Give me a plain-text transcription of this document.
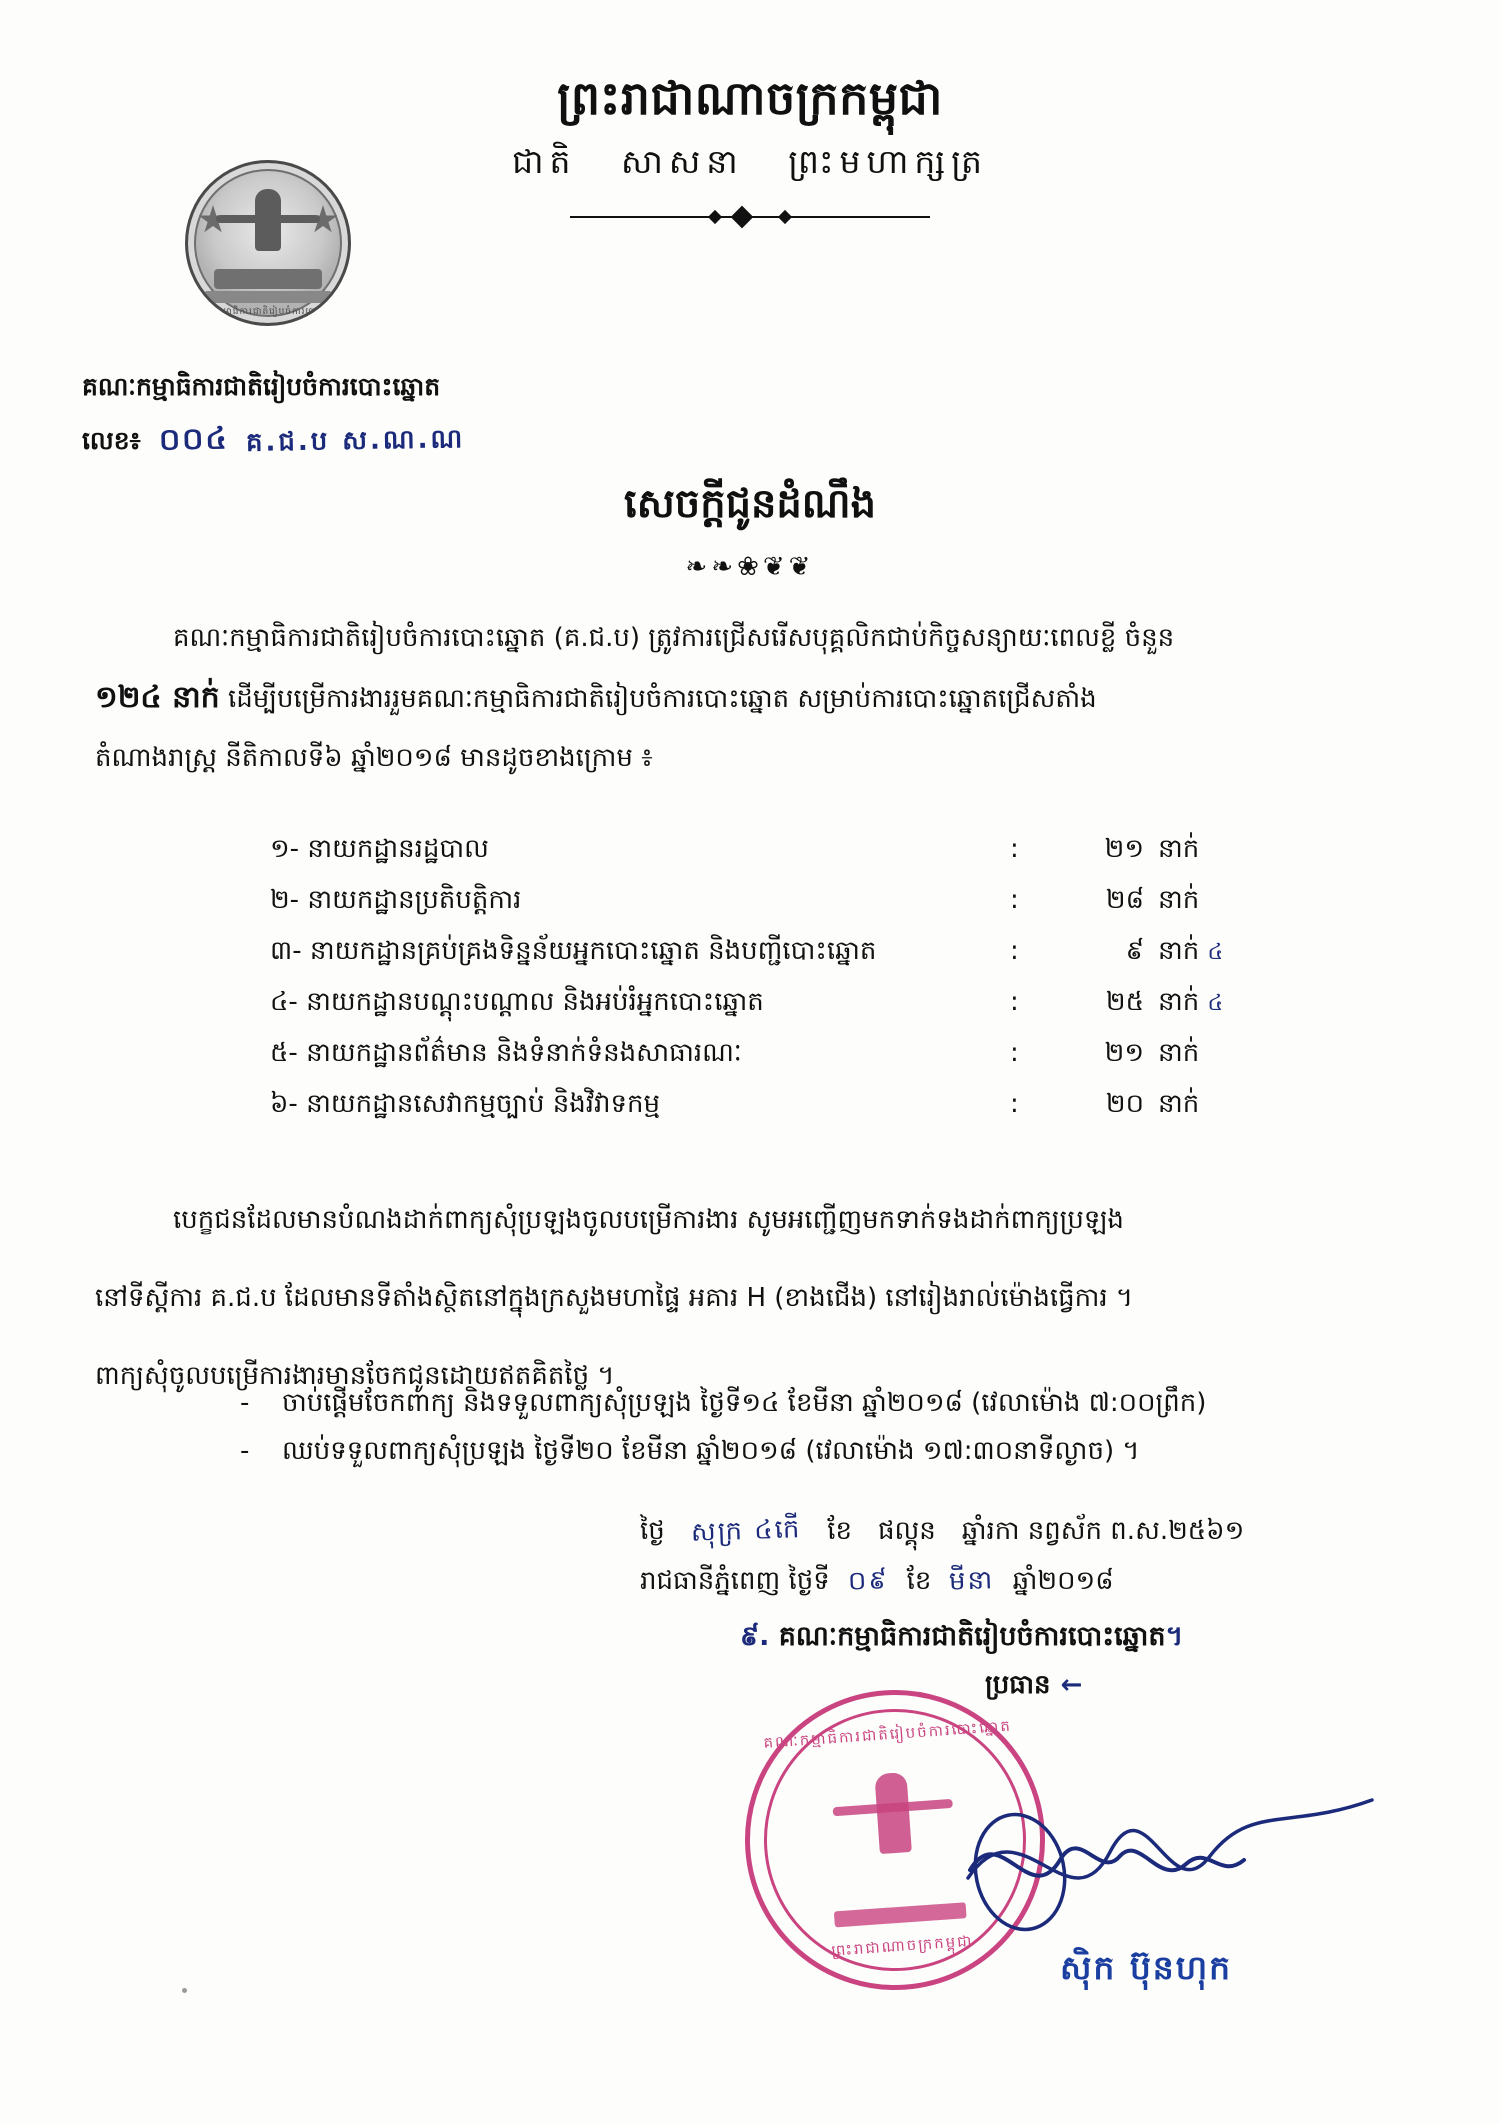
ព្រះរាជាណាចក្រកម្ពុជា
ជាតិ សាសនា ព្រះមហាក្សត្រ
គណៈកម្មាធិការជាតិរៀបចំការបោះឆ្នោត
គណៈកម្មាធិការជាតិរៀបចំការបោះឆ្នោត
លេខ៖ ០០៤ គ.ជ.ប ស.ណ.ណ
សេចក្តីជូនដំណឹង
❧❧❀❦❦

គណៈកម្មាធិការជាតិរៀបចំការបោះឆ្នោត (គ.ជ.ប) ត្រូវការជ្រើសរើសបុគ្គលិកជាប់កិច្ចសន្យាយៈពេលខ្លី ចំនួន

១២៤ នាក់ ដើម្បីបម្រើការងាររួមគណៈកម្មាធិការជាតិរៀបចំការបោះឆ្នោត សម្រាប់ការបោះឆ្នោតជ្រើសតាំង

តំណាងរាស្ត្រ នីតិកាលទី៦ ឆ្នាំ២០១៨ មានដូចខាងក្រោម ៖

១- នាយកដ្ឋានរដ្ឋបាល	:	២១ នាក់
២- នាយកដ្ឋានប្រតិបត្តិការ	:	២៨ នាក់
៣- នាយកដ្ឋានគ្រប់គ្រងទិន្នន័យអ្នកបោះឆ្នោត និងបញ្ជីបោះឆ្នោត	:	៩ នាក់ ៤
៤- នាយកដ្ឋានបណ្ដុះបណ្ដាល និងអប់រំអ្នកបោះឆ្នោត	:	២៥ នាក់ ៤
៥- នាយកដ្ឋានព័ត៌មាន និងទំនាក់ទំនងសាធារណៈ	:	២១ នាក់
៦- នាយកដ្ឋានសេវាកម្មច្បាប់ និងវិវាទកម្ម	:	២០ នាក់

បេក្ខជនដែលមានបំណងដាក់ពាក្យសុំប្រឡងចូលបម្រើការងារ សូមអញ្ជើញមកទាក់ទងដាក់ពាក្យប្រឡង

នៅទីស្ដីការ គ.ជ.ប ដែលមានទីតាំងស្ថិតនៅក្នុងក្រសួងមហាផ្ទៃ អគារ H (ខាងជើង) នៅរៀងរាល់ម៉ោងធ្វើការ ។

ពាក្យសុំចូលបម្រើការងារមានចែកជូនដោយឥតគិតថ្លៃ ។

-	ចាប់ផ្ដើមចែកពាក្យ និងទទួលពាក្យសុំប្រឡង ថ្ងៃទី១៤ ខែមីនា ឆ្នាំ២០១៨ (វេលាម៉ោង ៧:០០ព្រឹក)
-	ឈប់ទទួលពាក្យសុំប្រឡង ថ្ងៃទី២០ ខែមីនា ឆ្នាំ២០១៨ (វេលាម៉ោង ១៧:៣០នាទីល្ងាច) ។
ថ្ងៃ សុក្រ ៤កើ ខែ ផល្គុន ឆ្នាំរកា នព្វស័ក ព.ស.២៥៦១
រាជធានីភ្នំពេញ ថ្ងៃទី ០៩ ខែ មីនា ឆ្នាំ២០១៨
៩. គណៈកម្មាធិការជាតិរៀបចំការបោះឆ្នោត។
ប្រធាន ←
គណៈកម្មាធិការជាតិរៀបចំការបោះឆ្នោត
ព្រះរាជាណាចក្រកម្ពុជា
ស៊ិក ប៊ុនហុក
